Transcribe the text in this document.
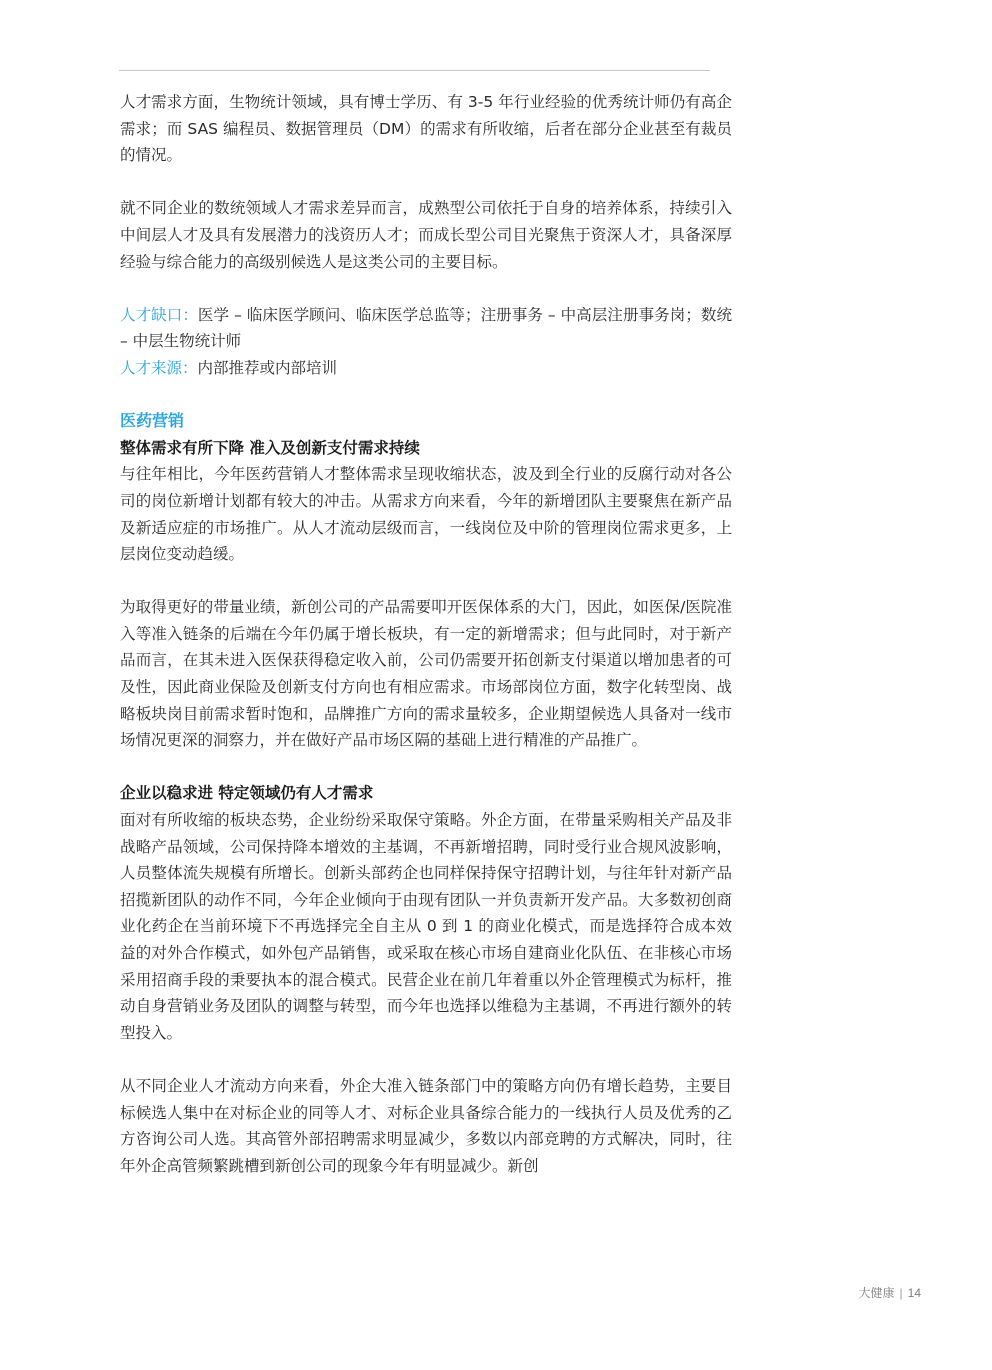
人才需求方面，生物统计领域，具有博士学历、有 3-5 年行业经验的优秀统计师仍有高企需求；而 SAS 编程员、数据管理员（DM）的需求有所收缩，后者在部分企业甚至有裁员的情况。

就不同企业的数统领域人才需求差异而言，成熟型公司依托于自身的培养体系，持续引入中间层人才及具有发展潜力的浅资历人才；而成长型公司目光聚焦于资深人才，具备深厚经验与综合能力的高级别候选人是这类公司的主要目标。

人才缺口：医学 – 临床医学顾问、临床医学总监等；注册事务 – 中高层注册事务岗；数统 – 中层生物统计师

人才来源：内部推荐或内部培训

医药营销
整体需求有所下降 准入及创新支付需求持续

与往年相比，今年医药营销人才整体需求呈现收缩状态，波及到全行业的反腐行动对各公司的岗位新增计划都有较大的冲击。从需求方向来看，今年的新增团队主要聚焦在新产品及新适应症的市场推广。从人才流动层级而言，一线岗位及中阶的管理岗位需求更多，上层岗位变动趋缓。

为取得更好的带量业绩，新创公司的产品需要叩开医保体系的大门，因此，如医保/医院准入等准入链条的后端在今年仍属于增长板块，有一定的新增需求；但与此同时，对于新产品而言，在其未进入医保获得稳定收入前，公司仍需要开拓创新支付渠道以增加患者的可及性，因此商业保险及创新支付方向也有相应需求。市场部岗位方面，数字化转型岗、战略板块岗目前需求暂时饱和，品牌推广方向的需求量较多，企业期望候选人具备对一线市场情况更深的洞察力，并在做好产品市场区隔的基础上进行精准的产品推广。

企业以稳求进 特定领域仍有人才需求

面对有所收缩的板块态势，企业纷纷采取保守策略。外企方面，在带量采购相关产品及非战略产品领域，公司保持降本增效的主基调，不再新增招聘，同时受行业合规风波影响，人员整体流失规模有所增长。创新头部药企也同样保持保守招聘计划，与往年针对新产品招揽新团队的动作不同，今年企业倾向于由现有团队一并负责新开发产品。大多数初创商业化药企在当前环境下不再选择完全自主从 0 到 1 的商业化模式，而是选择符合成本效益的对外合作模式，如外包产品销售，或采取在核心市场自建商业化队伍、在非核心市场采用招商手段的秉要执本的混合模式。民营企业在前几年着重以外企管理模式为标杆，推动自身营销业务及团队的调整与转型，而今年也选择以维稳为主基调，不再进行额外的转型投入。

从不同企业人才流动方向来看，外企大准入链条部门中的策略方向仍有增长趋势，主要目标候选人集中在对标企业的同等人才、对标企业具备综合能力的一线执行人员及优秀的乙方咨询公司人选。其高管外部招聘需求明显减少，多数以内部竞聘的方式解决，同时，往年外企高管频繁跳槽到新创公司的现象今年有明显减少。新创

大健康 | 14
